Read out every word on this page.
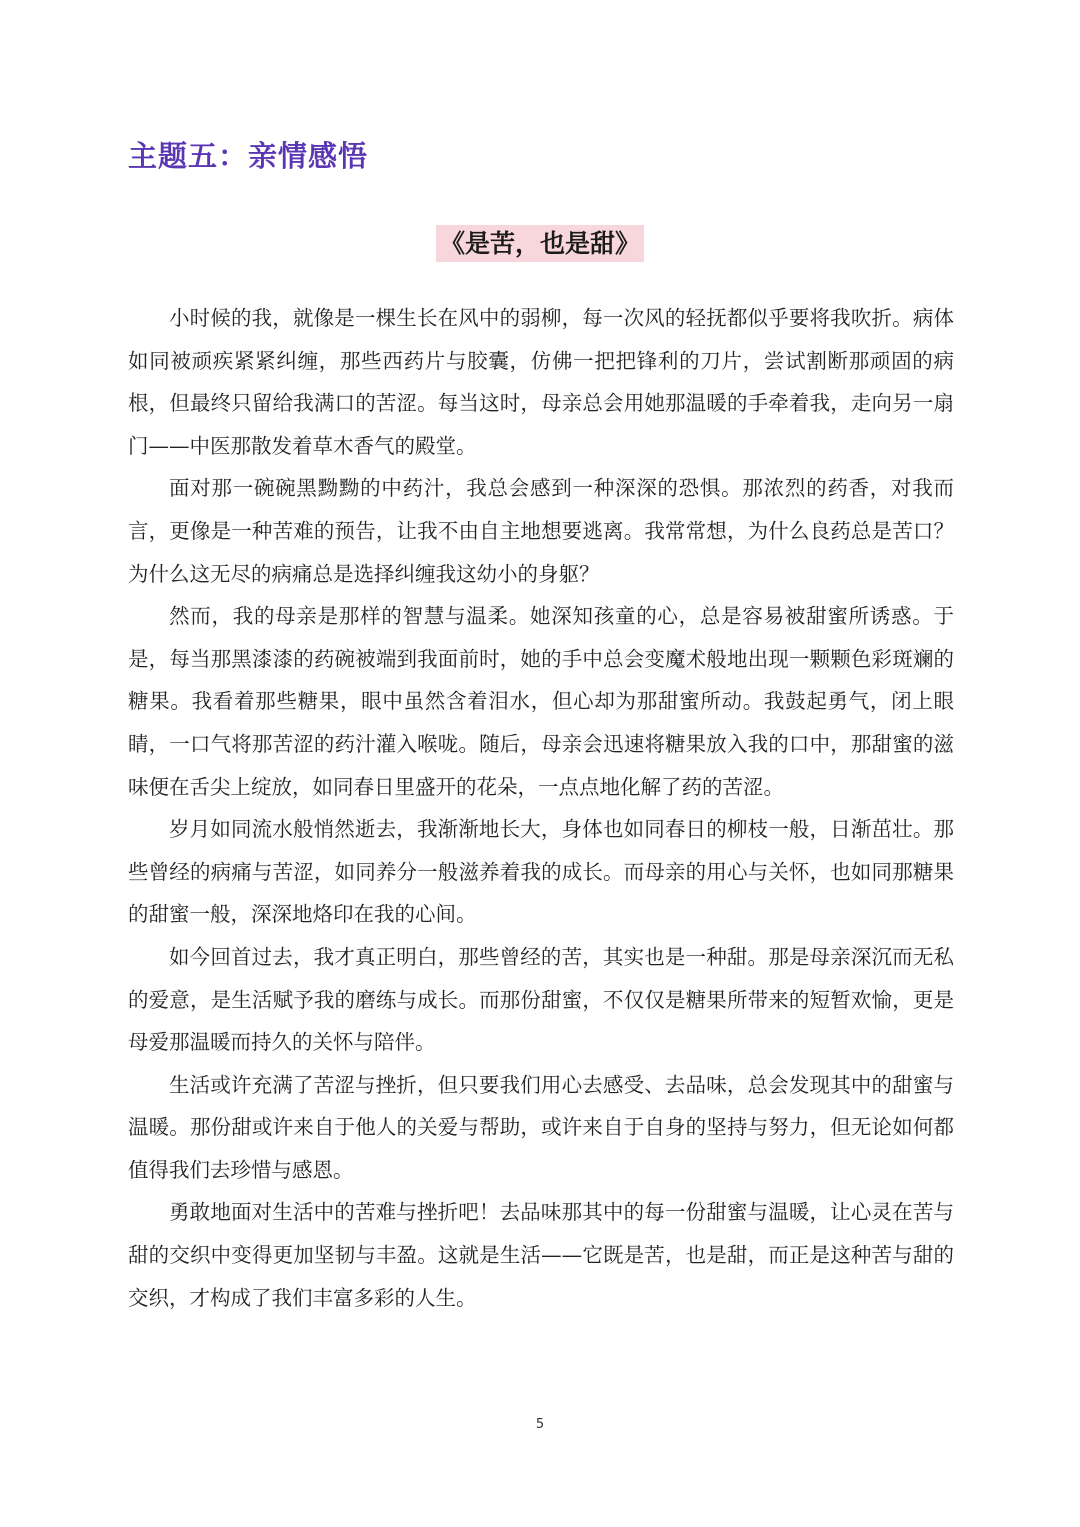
主题五：亲情感悟
《是苦，也是甜》

小时候的我，就像是一棵生长在风中的弱柳，每一次风的轻抚都似乎要将我吹折。病体如同被顽疾紧紧纠缠，那些西药片与胶囊，仿佛一把把锋利的刀片，尝试割断那顽固的病根，但最终只留给我满口的苦涩。每当这时，母亲总会用她那温暖的手牵着我，走向另一扇门——中医那散发着草木香气的殿堂。

面对那一碗碗黑黝黝的中药汁，我总会感到一种深深的恐惧。那浓烈的药香，对我而言，更像是一种苦难的预告，让我不由自主地想要逃离。我常常想，为什么良药总是苦口？为什么这无尽的病痛总是选择纠缠我这幼小的身躯？

然而，我的母亲是那样的智慧与温柔。她深知孩童的心，总是容易被甜蜜所诱惑。于是，每当那黑漆漆的药碗被端到我面前时，她的手中总会变魔术般地出现一颗颗色彩斑斓的糖果。我看着那些糖果，眼中虽然含着泪水，但心却为那甜蜜所动。我鼓起勇气，闭上眼睛，一口气将那苦涩的药汁灌入喉咙。随后，母亲会迅速将糖果放入我的口中，那甜蜜的滋味便在舌尖上绽放，如同春日里盛开的花朵，一点点地化解了药的苦涩。

岁月如同流水般悄然逝去，我渐渐地长大，身体也如同春日的柳枝一般，日渐茁壮。那些曾经的病痛与苦涩，如同养分一般滋养着我的成长。而母亲的用心与关怀，也如同那糖果的甜蜜一般，深深地烙印在我的心间。

如今回首过去，我才真正明白，那些曾经的苦，其实也是一种甜。那是母亲深沉而无私的爱意，是生活赋予我的磨练与成长。而那份甜蜜，不仅仅是糖果所带来的短暂欢愉，更是母爱那温暖而持久的关怀与陪伴。

生活或许充满了苦涩与挫折，但只要我们用心去感受、去品味，总会发现其中的甜蜜与温暖。那份甜或许来自于他人的关爱与帮助，或许来自于自身的坚持与努力，但无论如何都值得我们去珍惜与感恩。

勇敢地面对生活中的苦难与挫折吧！去品味那其中的每一份甜蜜与温暖，让心灵在苦与甜的交织中变得更加坚韧与丰盈。这就是生活——它既是苦，也是甜，而正是这种苦与甜的交织，才构成了我们丰富多彩的人生。

5
